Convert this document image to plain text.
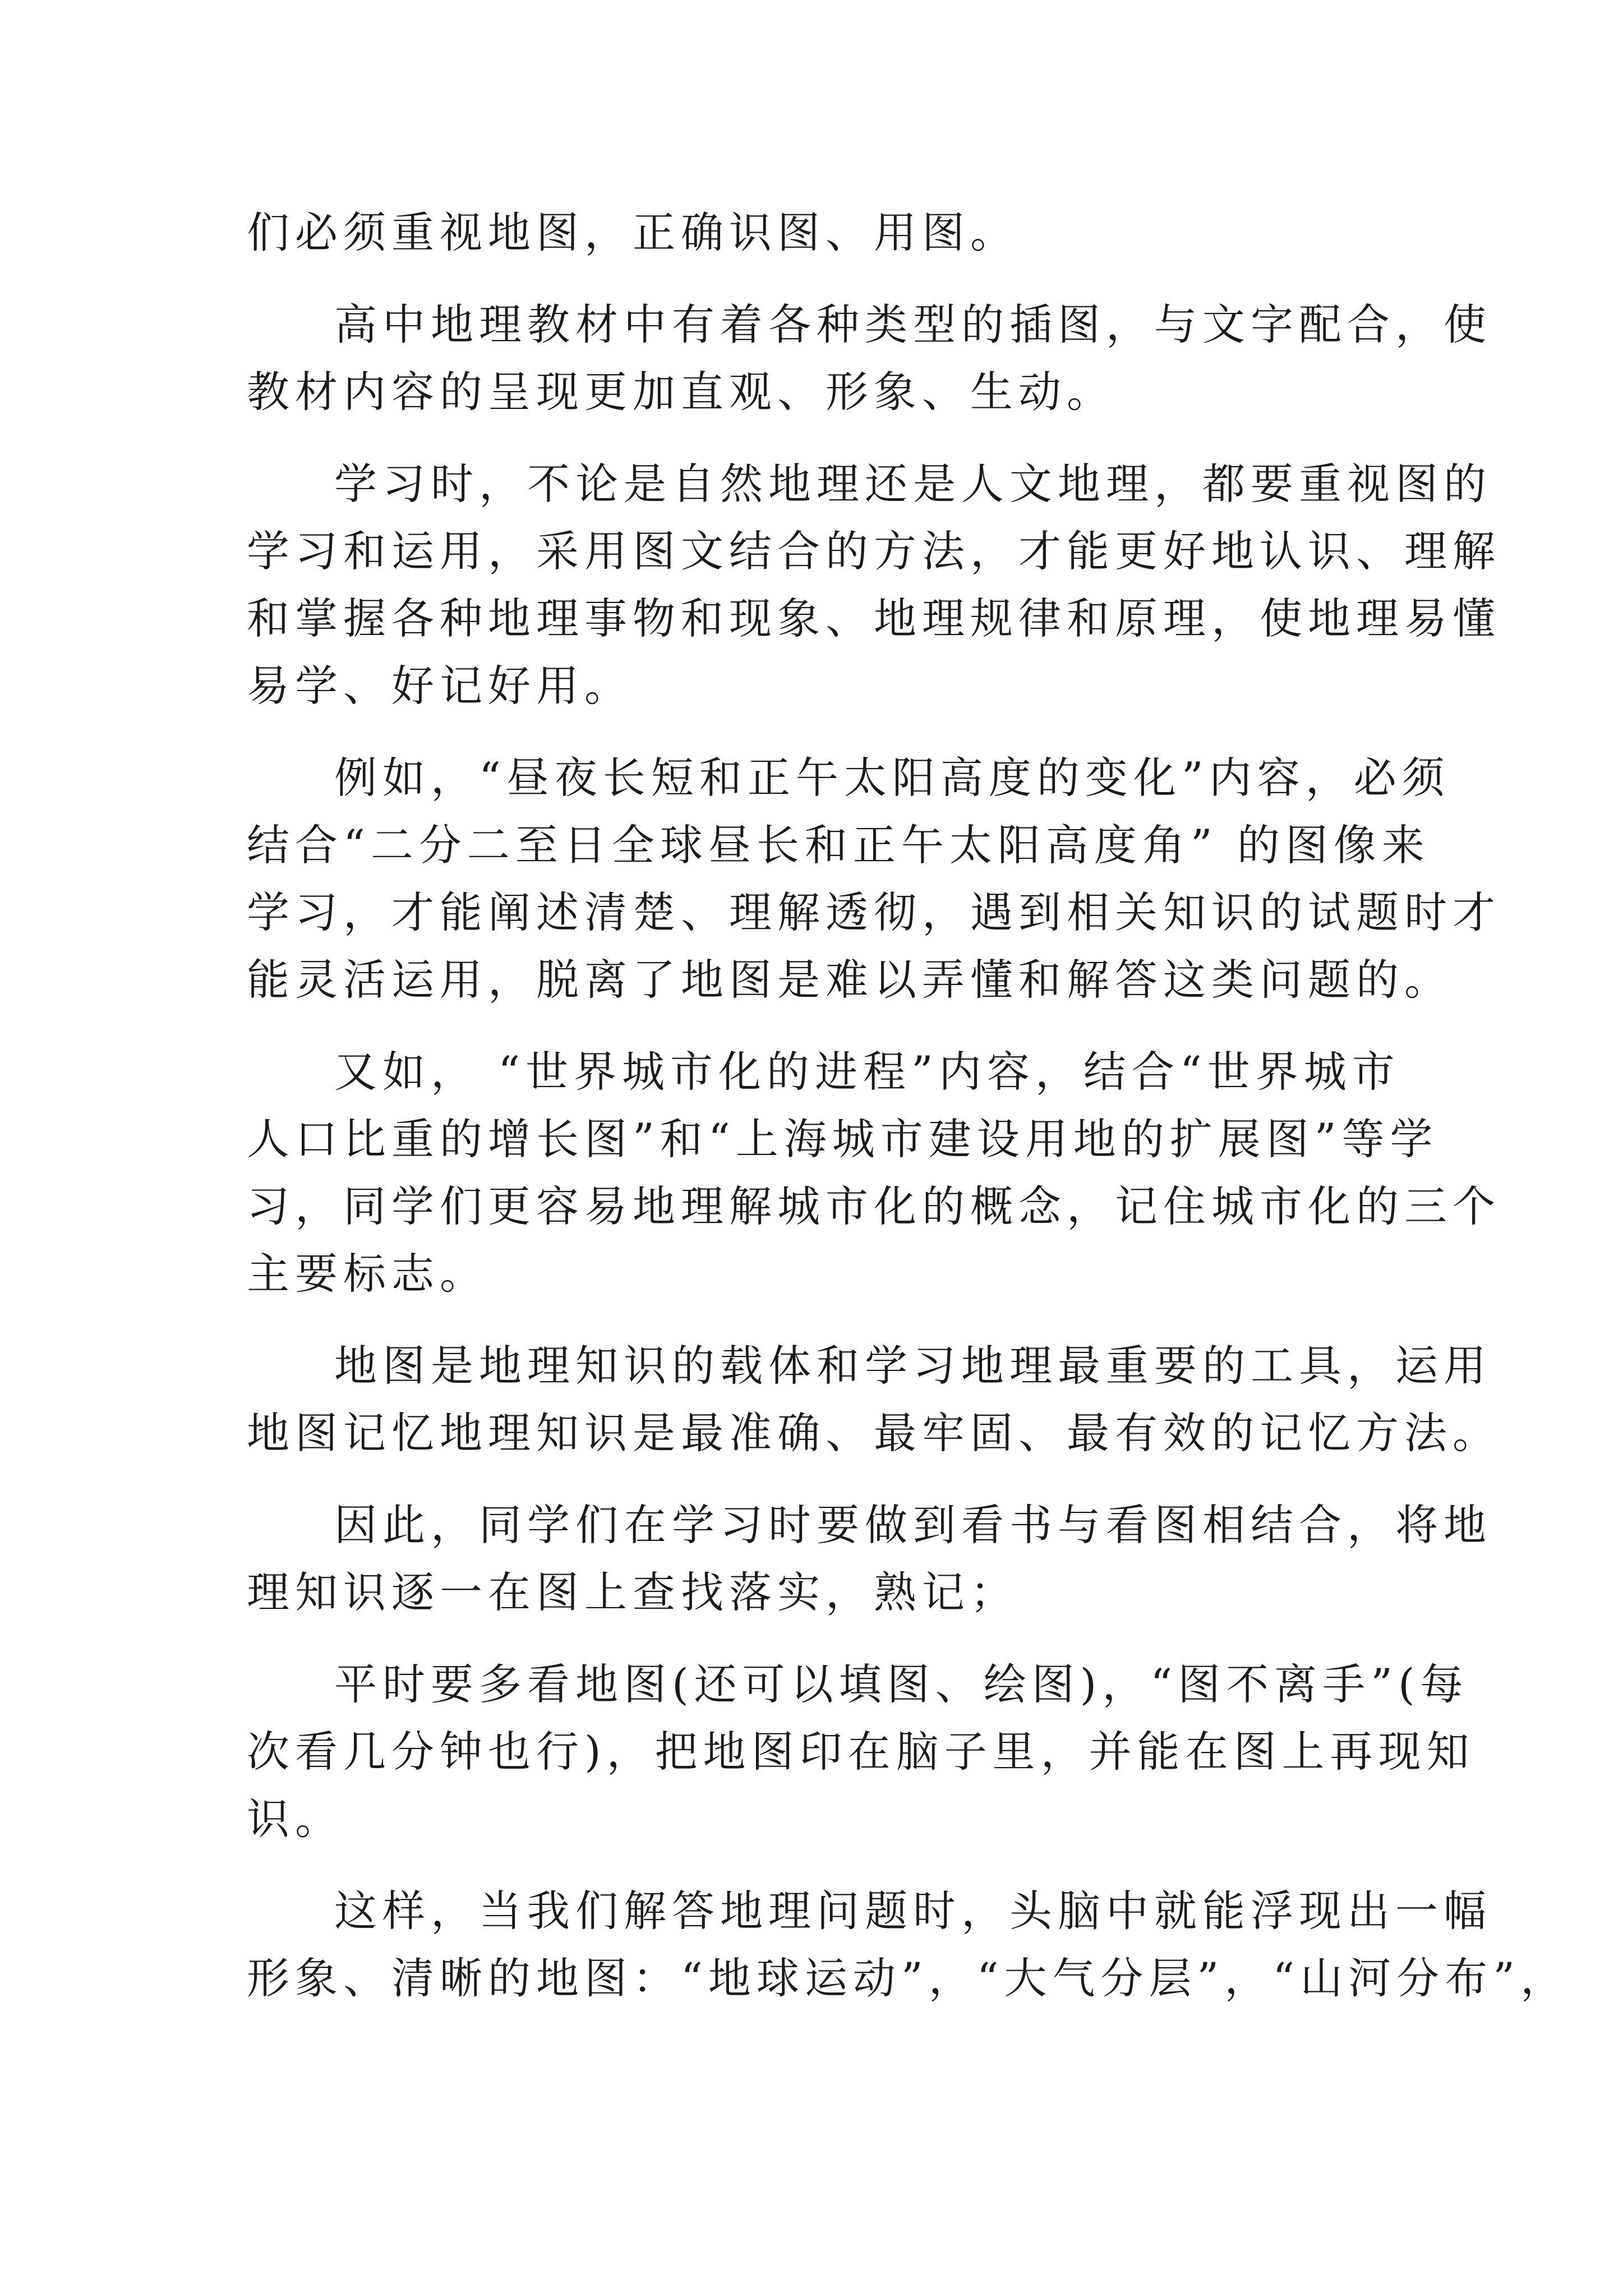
们必须重视地图，正确识图、用图。

高中地理教材中有着各种类型的插图，与文字配合，使
教材内容的呈现更加直观、形象、生动。

学习时，不论是自然地理还是人文地理，都要重视图的
学习和运用，采用图文结合的方法，才能更好地认识、理解
和掌握各种地理事物和现象、地理规律和原理，使地理易懂
易学、好记好用。

例如，“昼夜长短和正午太阳高度的变化”内容，必须
结合“二分二至日全球昼长和正午太阳高度角” 的图像来
学习，才能阐述清楚、理解透彻，遇到相关知识的试题时才
能灵活运用，脱离了地图是难以弄懂和解答这类问题的。

又如， “世界城市化的进程”内容，结合“世界城市
人口比重的增长图”和“上海城市建设用地的扩展图”等学
习，同学们更容易地理解城市化的概念，记住城市化的三个
主要标志。

地图是地理知识的载体和学习地理最重要的工具，运用
地图记忆地理知识是最准确、最牢固、最有效的记忆方法。

因此，同学们在学习时要做到看书与看图相结合，将地
理知识逐一在图上查找落实，熟记；

平时要多看地图(还可以填图、绘图)，“图不离手”(每
次看几分钟也行)，把地图印在脑子里，并能在图上再现知
识。

这样，当我们解答地理问题时，头脑中就能浮现出一幅
形象、清晰的地图：“地球运动”，“大气分层”，“山河分布”，
